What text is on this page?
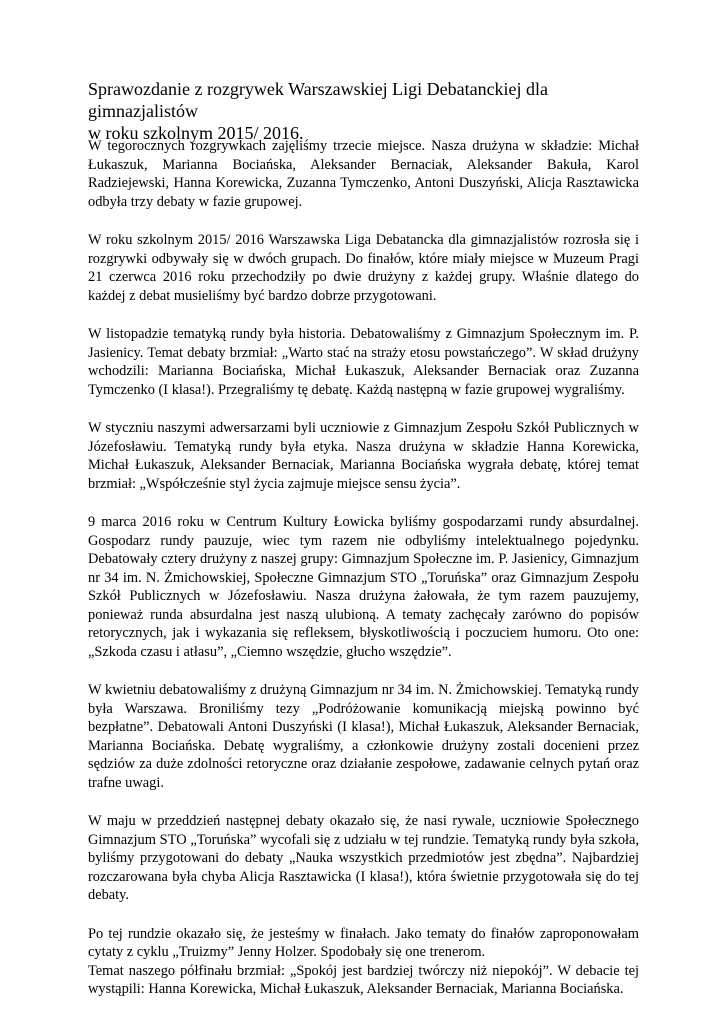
Sprawozdanie z rozgrywek Warszawskiej Ligi Debatanckiej dla gimnazjalistów
w roku szkolnym 2015/ 2016.

W tegorocznych rozgrywkach zajęliśmy trzecie miejsce. Nasza drużyna w składzie: Michał Łukaszuk, Marianna Bociańska, Aleksander Bernaciak, Aleksander Bakuła, Karol Radziejewski, Hanna Korewicka, Zuzanna Tymczenko, Antoni Duszyński, Alicja Rasztawicka odbyła trzy debaty w fazie grupowej.

W roku szkolnym 2015/ 2016 Warszawska Liga Debatancka dla gimnazjalistów rozrosła się i rozgrywki odbywały się w dwóch grupach. Do finałów, które miały miejsce w Muzeum Pragi 21 czerwca 2016 roku przechodziły po dwie drużyny z każdej grupy. Właśnie dlatego do każdej z debat musieliśmy być bardzo dobrze przygotowani.

W listopadzie tematyką rundy była historia. Debatowaliśmy z Gimnazjum Społecznym im. P. Jasienicy. Temat debaty brzmiał: „Warto stać na straży etosu powstańczego”. W skład drużyny wchodzili: Marianna Bociańska, Michał Łukaszuk, Aleksander Bernaciak oraz Zuzanna Tymczenko (I klasa!). Przegraliśmy tę debatę. Każdą następną w fazie grupowej wygraliśmy.

W styczniu naszymi adwersarzami byli uczniowie z Gimnazjum Zespołu Szkół Publicznych w Józefosławiu. Tematyką rundy była etyka. Nasza drużyna w składzie Hanna Korewicka, Michał Łukaszuk, Aleksander Bernaciak, Marianna Bociańska wygrała debatę, której temat brzmiał: „Współcześnie styl życia zajmuje miejsce sensu życia”.

9 marca 2016 roku w Centrum Kultury Łowicka byliśmy gospodarzami rundy absurdalnej. Gospodarz rundy pauzuje, wiec tym razem nie odbyliśmy intelektualnego pojedynku. Debatowały cztery drużyny z naszej grupy: Gimnazjum Społeczne im. P. Jasienicy, Gimnazjum nr 34 im. N. Żmichowskiej, Społeczne Gimnazjum STO „Toruńska” oraz Gimnazjum Zespołu Szkół Publicznych w Józefosławiu. Nasza drużyna żałowała, że tym razem pauzujemy, ponieważ runda absurdalna jest naszą ulubioną. A tematy zachęcały zarówno do popisów retorycznych, jak i wykazania się refleksem, błyskotliwością i poczuciem humoru. Oto one: „Szkoda czasu i atłasu”, „Ciemno wszędzie, głucho wszędzie”.

W kwietniu debatowaliśmy z drużyną Gimnazjum nr 34 im. N. Żmichowskiej. Tematyką rundy była Warszawa. Broniliśmy tezy „Podróżowanie komunikacją miejską powinno być bezpłatne”. Debatowali Antoni Duszyński (I klasa!), Michał Łukaszuk, Aleksander Bernaciak, Marianna Bociańska. Debatę wygraliśmy, a członkowie drużyny zostali docenieni przez sędziów za duże zdolności retoryczne oraz działanie zespołowe, zadawanie celnych pytań oraz trafne uwagi.

W maju w przeddzień następnej debaty okazało się, że nasi rywale, uczniowie Społecznego Gimnazjum STO „Toruńska” wycofali się z udziału w tej rundzie. Tematyką rundy była szkoła, byliśmy przygotowani do debaty „Nauka wszystkich przedmiotów jest zbędna”. Najbardziej rozczarowana była chyba Alicja Rasztawicka (I klasa!), która świetnie przygotowała się do tej debaty.

Po tej rundzie okazało się, że jesteśmy w finałach. Jako tematy do finałów zaproponowałam cytaty z cyklu „Truizmy” Jenny Holzer. Spodobały się one trenerom.

Temat naszego półfinału brzmiał: „Spokój jest bardziej twórczy niż niepokój”. W debacie tej wystąpili: Hanna Korewicka, Michał Łukaszuk, Aleksander Bernaciak, Marianna Bociańska.
